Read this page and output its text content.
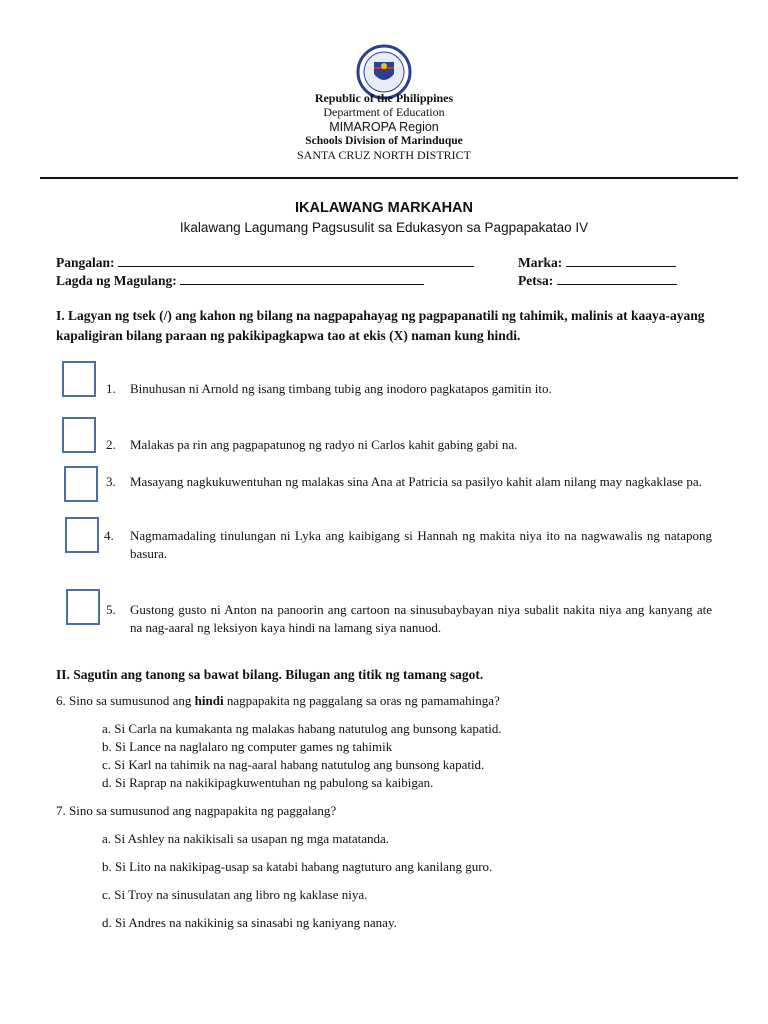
Republic of the Philippines
Department of Education
MIMAROPA Region
Schools Division of Marinduque
SANTA CRUZ NORTH DISTRICT
IKALAWANG MARKAHAN
Ikalawang Lagumang Pagsusulit sa Edukasyon sa Pagpapakatao IV
Pangalan:	Marka:
Lagda ng Magulang:	Petsa:
I. Lagyan ng tsek (/) ang kahon ng bilang na nagpapahayag ng pagpapanatili ng tahimik, malinis at kaaya-ayang kapaligiran bilang paraan ng pakikipagkapwa tao at ekis (X) naman kung hindi.
1. Binuhusan ni Arnold ng isang timbang tubig ang inodoro pagkatapos gamitin ito.
2. Malakas pa rin ang pagpapatunog ng radyo ni Carlos kahit gabing gabi na.
3. Masayang nagkukuwentuhan ng malakas sina Ana at Patricia sa pasilyo kahit alam nilang may nagkaklase pa.
4. Nagmamadaling tinulungan ni Lyka ang kaibigang si Hannah ng makita niya ito na nagwawalis ng natapong basura.
5. Gustong gusto ni Anton na panoorin ang cartoon na sinusubaybayan niya subalit nakita niya ang kanyang ate na nag-aaral ng leksiyon kaya hindi na lamang siya nanuod.
II. Sagutin ang tanong sa bawat bilang. Bilugan ang titik ng tamang sagot.
6. Sino sa sumusunod ang hindi nagpapakita ng paggalang sa oras ng pamamahinga?
a. Si Carla na kumakanta ng malakas habang natutulog ang bunsong kapatid.
b. Si Lance na naglalaro ng computer games ng tahimik
c. Si Karl na tahimik na nag-aaral habang natutulog ang bunsong kapatid.
d. Si Raprap na nakikipagkuwentuhan ng pabulong sa kaibigan.
7. Sino sa sumusunod ang nagpapakita ng paggalang?
a. Si Ashley na nakikisali sa usapan ng mga matatanda.
b. Si Lito na nakikipag-usap sa katabi habang nagtuturo ang kanilang guro.
c. Si Troy na sinusulatan ang libro ng kaklase niya.
d. Si Andres na nakikinig sa sinasabi ng kaniyang nanay.
